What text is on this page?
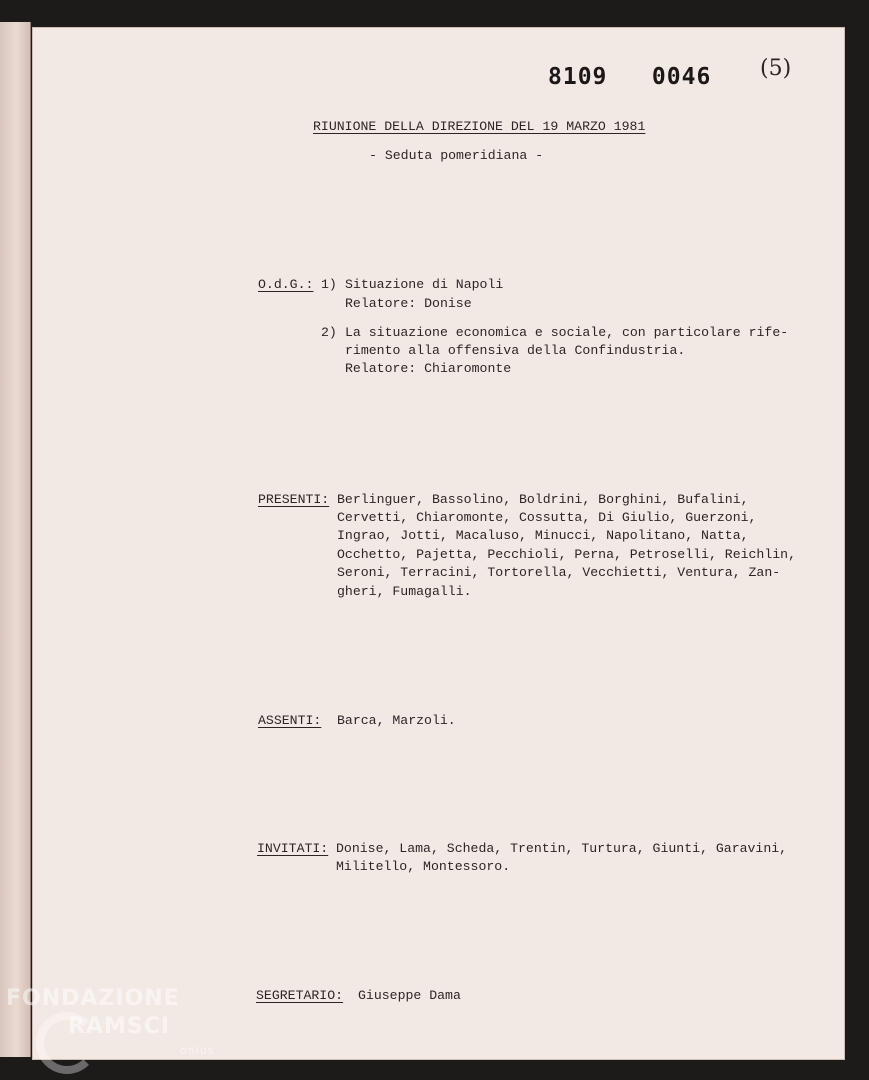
8109   0046 (5)
RIUNIONE DELLA DIREZIONE DEL 19 MARZO 1981
- Seduta pomeridiana -
O.d.G.: 1) Situazione di Napoli
Relatore: Donise
2) La situazione economica e sociale, con particolare rife-
rimento alla offensiva della Confindustria.
Relatore: Chiaromonte
PRESENTI: Berlinguer, Bassolino, Boldrini, Borghini, Bufalini,
Cervetti, Chiaromonte, Cossutta, Di Giulio, Guerzoni,
Ingrao, Jotti, Macaluso, Minucci, Napolitano, Natta,
Occhetto, Pajetta, Pecchioli, Perna, Petroselli, Reichlin,
Seroni, Terracini, Tortorella, Vecchietti, Ventura, Zan-
gheri, Fumagalli.
ASSENTI: Barca, Marzoli.
INVITATI: Donise, Lama, Scheda, Trentin, Turtura, Giunti, Garavini,
Militello, Montessoro.
SEGRETARIO: Giuseppe Dama
FONDAZIONE
RAMSCI
onlus
